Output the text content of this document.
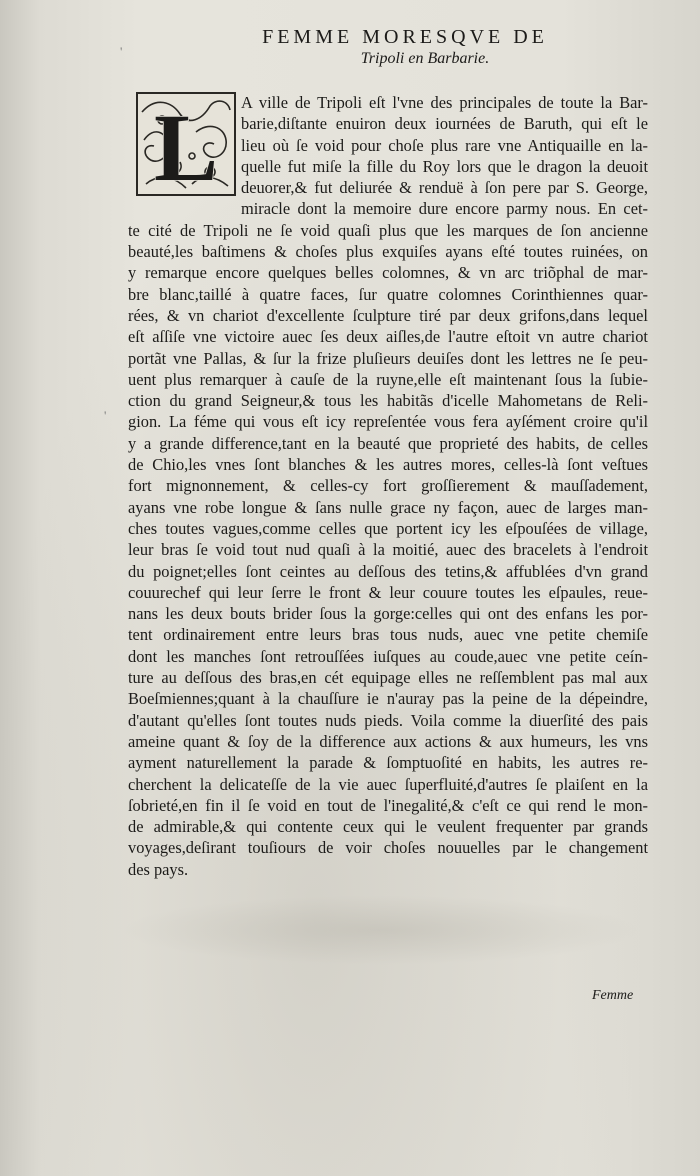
'
'
FEMME MORESQVE DE
Tripoli en Barbarie.
L	A ville de Tripoli eſt l'vne des principales de toute la Bar-
barie,diſtante enuiron deux iournées de Baruth, qui eſt le
lieu où ſe void pour choſe plus rare vne Antiquaille en la-
quelle fut miſe la fille du Roy lors que le dragon la deuoit
deuorer,& fut deliurée & renduë à ſon pere par S. George,
miracle dont la memoire dure encore parmy nous. En cet-
te cité de Tripoli ne ſe void quaſi plus que les marques de ſon ancienne
beauté,les baſtimens & choſes plus exquiſes ayans eſté toutes ruinées, on
y remarque encore quelques belles colomnes, & vn arc triõphal de mar-
bre blanc,taillé à quatre faces, ſur quatre colomnes Corinthiennes quar-
rées, & vn chariot d'excellente ſculpture tiré par deux grifons,dans lequel
eſt aſſiſe vne victoire auec ſes deux aiſles,de l'autre eſtoit vn autre chariot
portãt vne Pallas, & ſur la frize pluſieurs deuiſes dont les lettres ne ſe peu-
uent plus remarquer à cauſe de la ruyne,elle eſt maintenant ſous la ſubie-
ction du grand Seigneur,& tous les habitãs d'icelle Mahometans de Reli-
gion. La féme qui vous eſt icy repreſentée vous fera ayſément croire qu'il
y a grande difference,tant en la beauté que proprieté des habits, de celles
de Chio,les vnes ſont blanches & les autres mores, celles-là ſont veſtues
fort mignonnement, & celles-cy fort groſſierement & mauſſadement,
ayans vne robe longue & ſans nulle grace ny façon, auec de larges man-
ches toutes vagues,comme celles que portent icy les eſpouſées de village,
leur bras ſe void tout nud quaſi à la moitié, auec des bracelets à l'endroit
du poignet;elles ſont ceintes au deſſous des tetins,& affublées d'vn grand
couurechef qui leur ſerre le front & leur couure toutes les eſpaules, reue-
nans les deux bouts brider ſous la gorge:celles qui ont des enfans les por-
tent ordinairement entre leurs bras tous nuds, auec vne petite chemiſe
dont les manches ſont retrouſſées iuſques au coude,auec vne petite ceín-
ture au deſſous des bras,en cét equipage elles ne reſſemblent pas mal aux
Boeſmiennes;quant à la chauſſure ie n'auray pas la peine de la dépeindre,
d'autant qu'elles ſont toutes nuds pieds. Voila comme la diuerſité des pais
ameine quant & ſoy de la difference aux actions & aux humeurs, les vns
ayment naturellement la parade & ſomptuoſité en habits, les autres re-
cherchent la delicateſſe de la vie auec ſuperfluité,d'autres ſe plaiſent en la
ſobrieté,en fin il ſe void en tout de l'inegalité,& c'eſt ce qui rend le mon-
de admirable,& qui contente ceux qui le veulent frequenter par grands
voyages,deſirant touſiours de voir choſes nouuelles par le changement
des pays.
Femme
